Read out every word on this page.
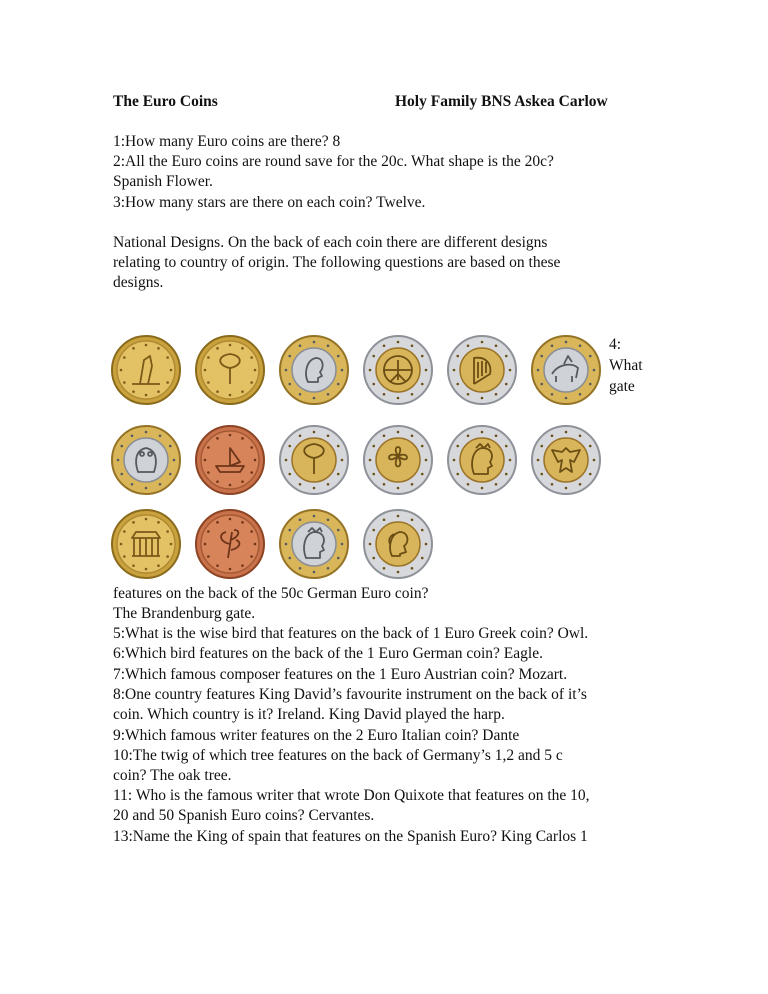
The Euro Coins	Holy Family BNS Askea Carlow
1:How many Euro coins are there? 8
2:All the Euro coins are round save for the 20c. What shape is the 20c?
Spanish Flower.
3:How many stars are there on each coin? Twelve.
National Designs. On the back of each coin there are different designs
relating to country of origin. The following questions are based on these
designs.
4:
What
gate
features on the back of the 50c German Euro coin?
The Brandenburg gate.
5:What is the wise bird that features on the back of 1 Euro Greek coin? Owl.
6:Which bird features on the back of the 1 Euro German coin? Eagle.
7:Which famous composer features on the 1 Euro Austrian coin? Mozart.
8:One country features King David’s favourite instrument on the back of it’s
coin. Which country is it? Ireland. King David played the harp.
9:Which famous writer features on the 2 Euro Italian coin? Dante
10:The twig of which tree features on the back of Germany’s 1,2 and 5 c
coin? The oak tree.
11: Who is the famous writer that wrote Don Quixote that features on the 10,
20 and 50 Spanish Euro coins? Cervantes.
13:Name the King of spain that features on the Spanish Euro? King Carlos 1
